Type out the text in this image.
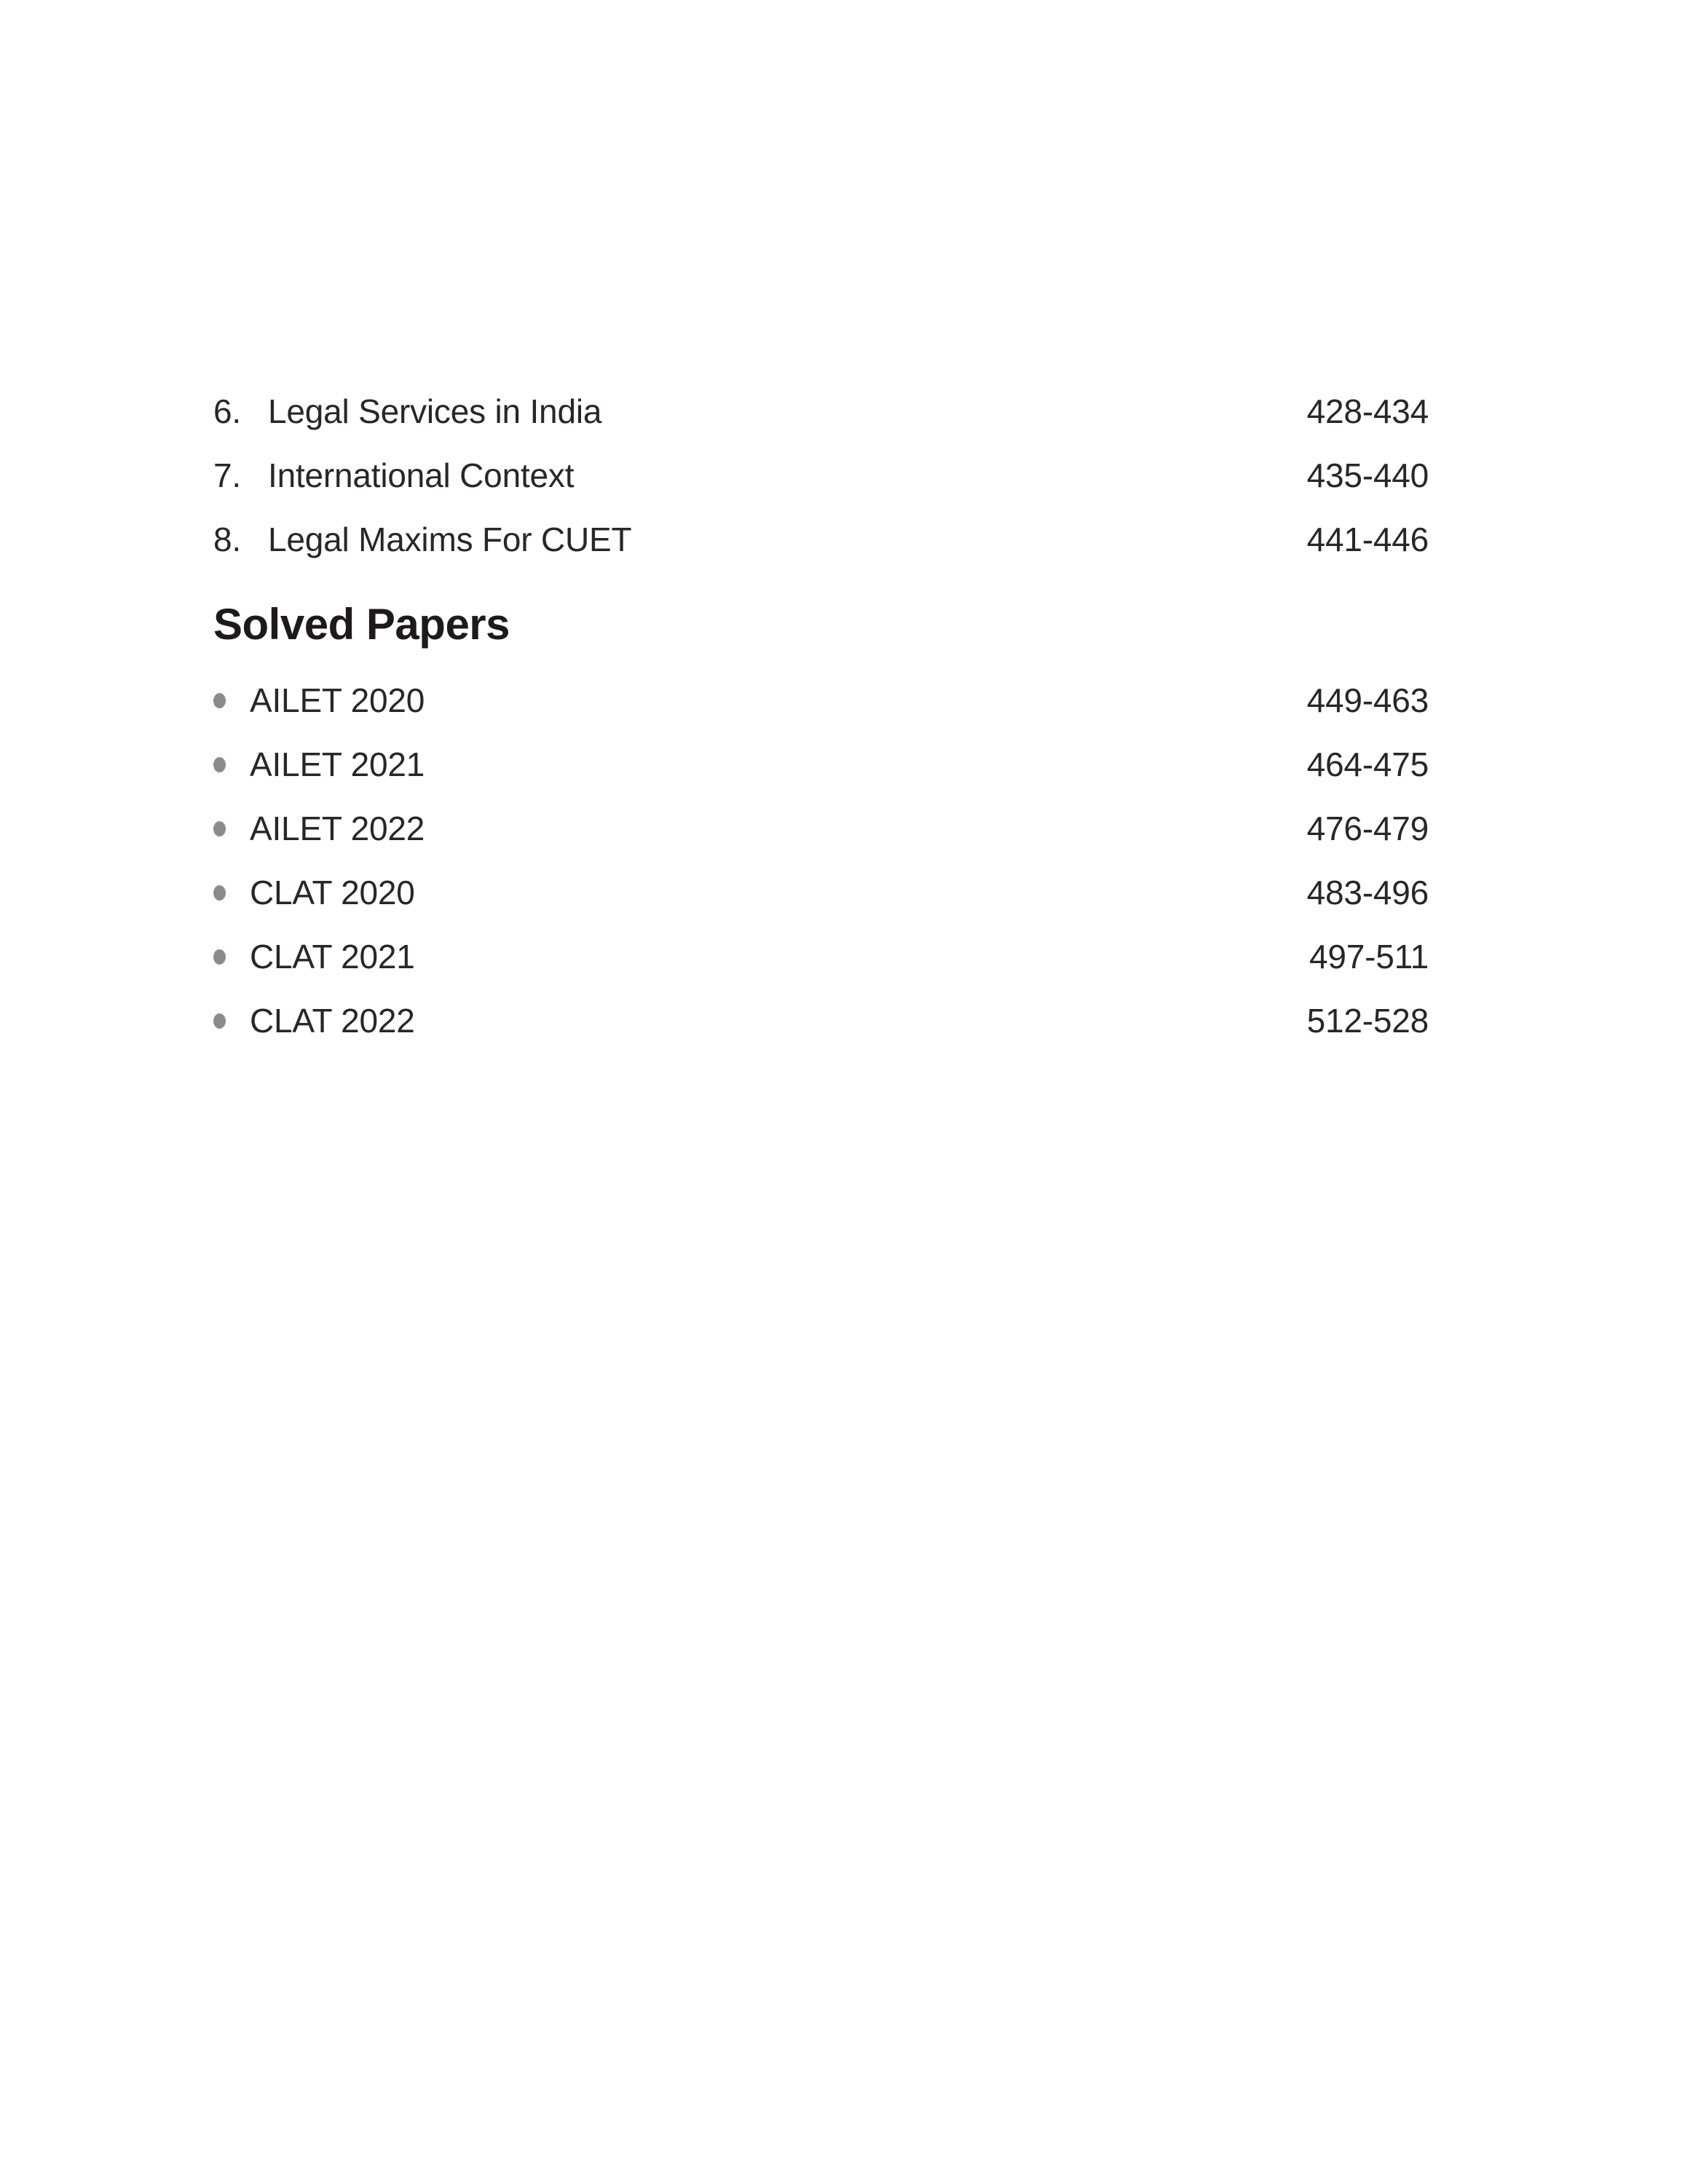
6. Legal Services in India	428-434
7. International Context	435-440
8. Legal Maxims For CUET	441-446
Solved Papers
AILET 2020	449-463
AILET 2021	464-475
AILET 2022	476-479
CLAT 2020	483-496
CLAT 2021	497-511
CLAT 2022	512-528
